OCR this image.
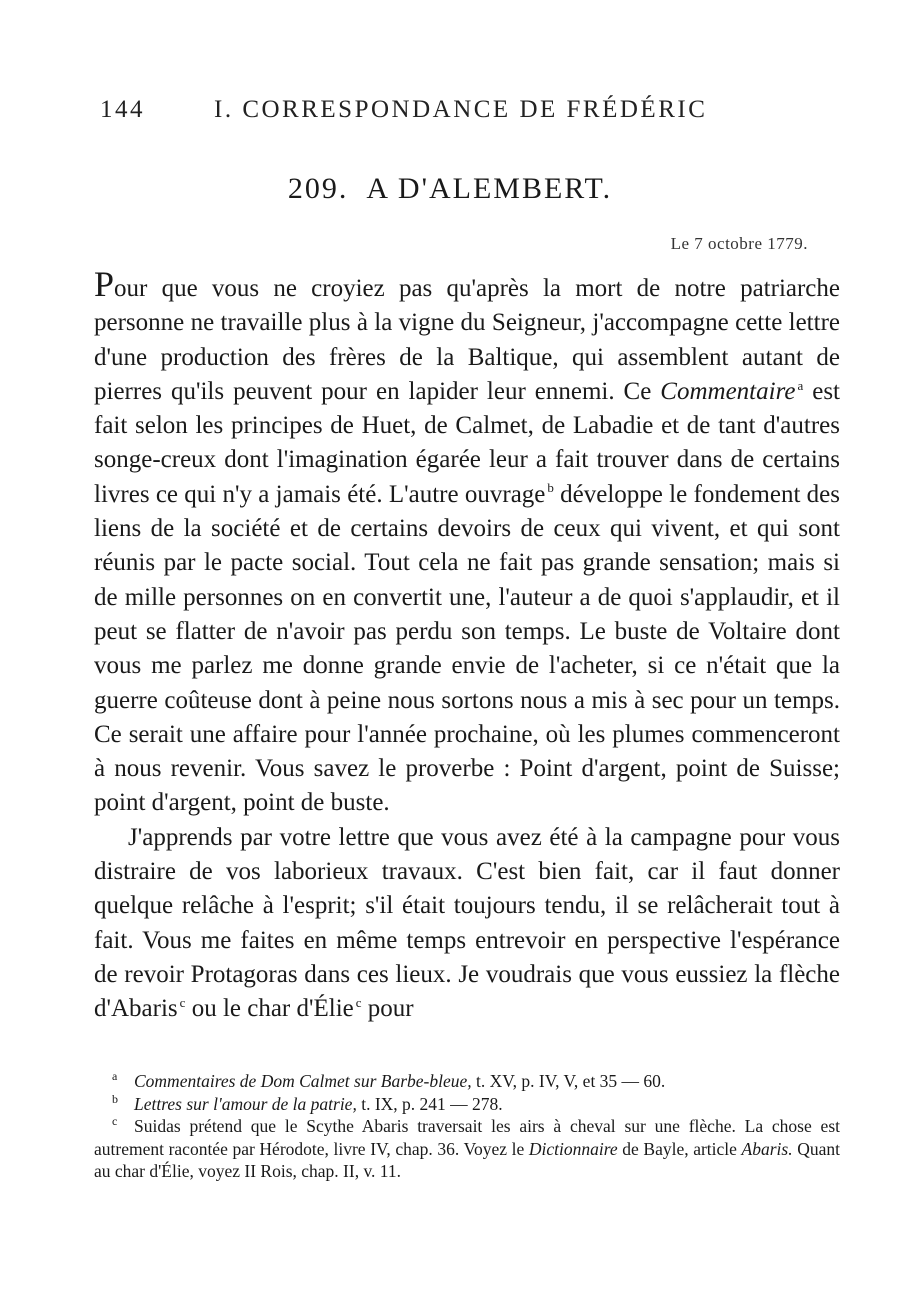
144	I. CORRESPONDANCE DE FRÉDÉRIC
209. A D'ALEMBERT.
Le 7 octobre 1779.

Pour que vous ne croyiez pas qu'après la mort de notre patriarche personne ne travaille plus à la vigne du Seigneur, j'accompagne cette lettre d'une production des frères de la Baltique, qui assemblent autant de pierres qu'ils peuvent pour en lapider leur ennemi. Ce Commentaire $^a$ est fait selon les principes de Huet, de Calmet, de Labadie et de tant d'autres songe-creux dont l'imagination égarée leur a fait trouver dans de certains livres ce qui n'y a jamais été. L'autre ouvrage $^b$ développe le fondement des liens de la société et de certains devoirs de ceux qui vivent, et qui sont réunis par le pacte social. Tout cela ne fait pas grande sensation; mais si de mille personnes on en convertit une, l'auteur a de quoi s'applaudir, et il peut se flatter de n'avoir pas perdu son temps. Le buste de Voltaire dont vous me parlez me donne grande envie de l'acheter, si ce n'était que la guerre coûteuse dont à peine nous sortons nous a mis à sec pour un temps. Ce serait une affaire pour l'année prochaine, où les plumes commenceront à nous revenir. Vous savez le proverbe : Point d'argent, point de Suisse; point d'argent, point de buste.

J'apprends par votre lettre que vous avez été à la campagne pour vous distraire de vos laborieux travaux. C'est bien fait, car il faut donner quelque relâche à l'esprit; s'il était toujours tendu, il se relâcherait tout à fait. Vous me faites en même temps entrevoir en perspective l'espérance de revoir Protagoras dans ces lieux. Je voudrais que vous eussiez la flèche d'Abaris $^c$ ou le char d'Élie $^c$ pour

a Commentaires de Dom Calmet sur Barbe-bleue, t. XV, p. IV, V, et 35 — 60.

b Lettres sur l'amour de la patrie, t. IX, p. 241 — 278.

c Suidas prétend que le Scythe Abaris traversait les airs à cheval sur une flèche. La chose est autrement racontée par Hérodote, livre IV, chap. 36. Voyez le Dictionnaire de Bayle, article Abaris. Quant au char d'Élie, voyez II Rois, chap. II, v. 11.
